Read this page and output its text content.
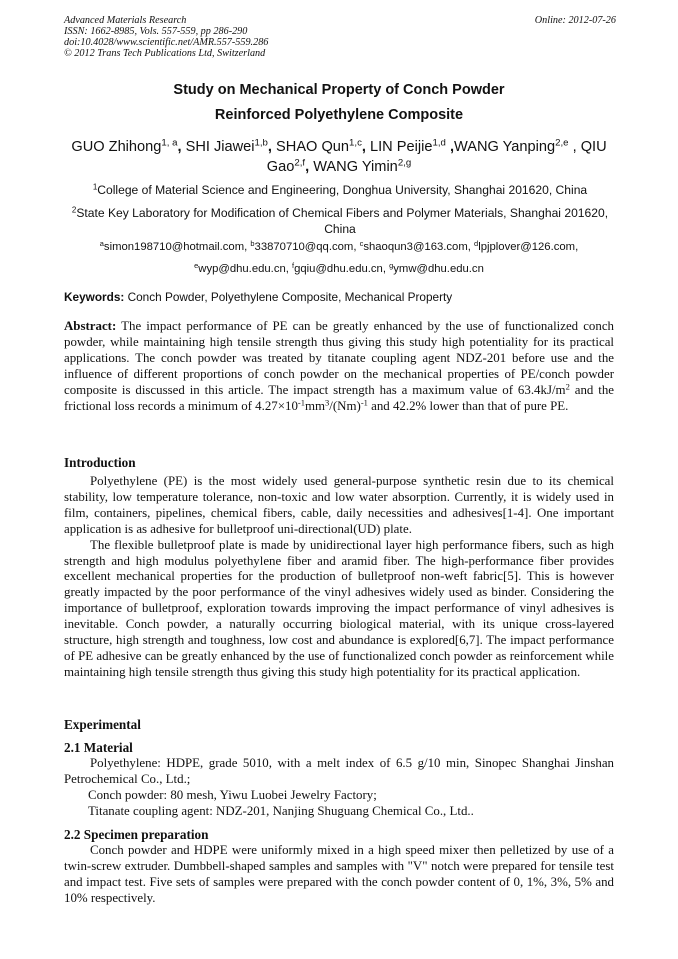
Advanced Materials Research
ISSN: 1662-8985, Vols. 557-559, pp 286-290
doi:10.4028/www.scientific.net/AMR.557-559.286
© 2012 Trans Tech Publications Ltd, Switzerland
Online: 2012-07-26
Study on Mechanical Property of Conch Powder
Reinforced Polyethylene Composite
GUO Zhihong$^{1, a}$, SHI Jiawei$^{1,b}$, SHAO Qun$^{1,c}$, LIN Peijie$^{1,d}$ ,WANG Yanping$^{2,e}$ , QIU Gao$^{2,f}$, WANG Yimin$^{2,g}$
$^1$College of Material Science and Engineering, Donghua University, Shanghai 201620, China
$^2$State Key Laboratory for Modification of Chemical Fibers and Polymer Materials, Shanghai 201620,
China
$^a$simon198710@hotmail.com, $^b$33870710@qq.com, $^c$shaoqun3@163.com, $^d$lpjplover@126.com,
$^e$wyp@dhu.edu.cn, $^f$gqiu@dhu.edu.cn, $^g$ymw@dhu.edu.cn
Keywords: Conch Powder, Polyethylene Composite, Mechanical Property
Abstract: The impact performance of PE can be greatly enhanced by the use of functionalized conch powder, while maintaining high tensile strength thus giving this study high potentiality for its practical applications. The conch powder was treated by titanate coupling agent NDZ-201 before use and the influence of different proportions of conch powder on the mechanical properties of PE/conch powder composite is discussed in this article. The impact strength has a maximum value of $63.4kJ/m^2$ and the frictional loss records a minimum of $4.27\times 10^{-1}mm^3/(Nm)^{-1}$ and 42.2% lower than that of pure PE.
Introduction
Polyethylene (PE) is the most widely used general-purpose synthetic resin due to its chemical stability, low temperature tolerance, non-toxic and low water absorption. Currently, it is widely used in film, containers, pipelines, chemical fibers, cable, daily necessities and adhesives[1-4]. One important application is as adhesive for bulletproof uni-directional(UD) plate.
The flexible bulletproof plate is made by unidirectional layer high performance fibers, such as high strength and high modulus polyethylene fiber and aramid fiber. The high-performance fiber provides excellent mechanical properties for the production of bulletproof non-weft fabric[5]. This is however greatly impacted by the poor performance of the vinyl adhesives widely used as binder. Considering the importance of bulletproof, exploration towards improving the impact performance of vinyl adhesives is inevitable. Conch powder, a naturally occurring biological material, with its unique cross-layered structure, high strength and toughness, low cost and abundance is explored[6,7]. The impact performance of PE adhesive can be greatly enhanced by the use of functionalized conch powder as reinforcement while maintaining high tensile strength thus giving this study high potentiality for its practical application.
Experimental
2.1 Material
Polyethylene: HDPE, grade 5010, with a melt index of 6.5 g/10 min, Sinopec Shanghai Jinshan Petrochemical Co., Ltd.;
Conch powder: 80 mesh, Yiwu Luobei Jewelry Factory;
Titanate coupling agent: NDZ-201, Nanjing Shuguang Chemical Co., Ltd..
2.2 Specimen preparation
Conch powder and HDPE were uniformly mixed in a high speed mixer then pelletized by use of a twin-screw extruder. Dumbbell-shaped samples and samples with "V" notch were prepared for tensile test and impact test. Five sets of samples were prepared with the conch powder content of 0, 1%, 3%, 5% and 10% respectively.
